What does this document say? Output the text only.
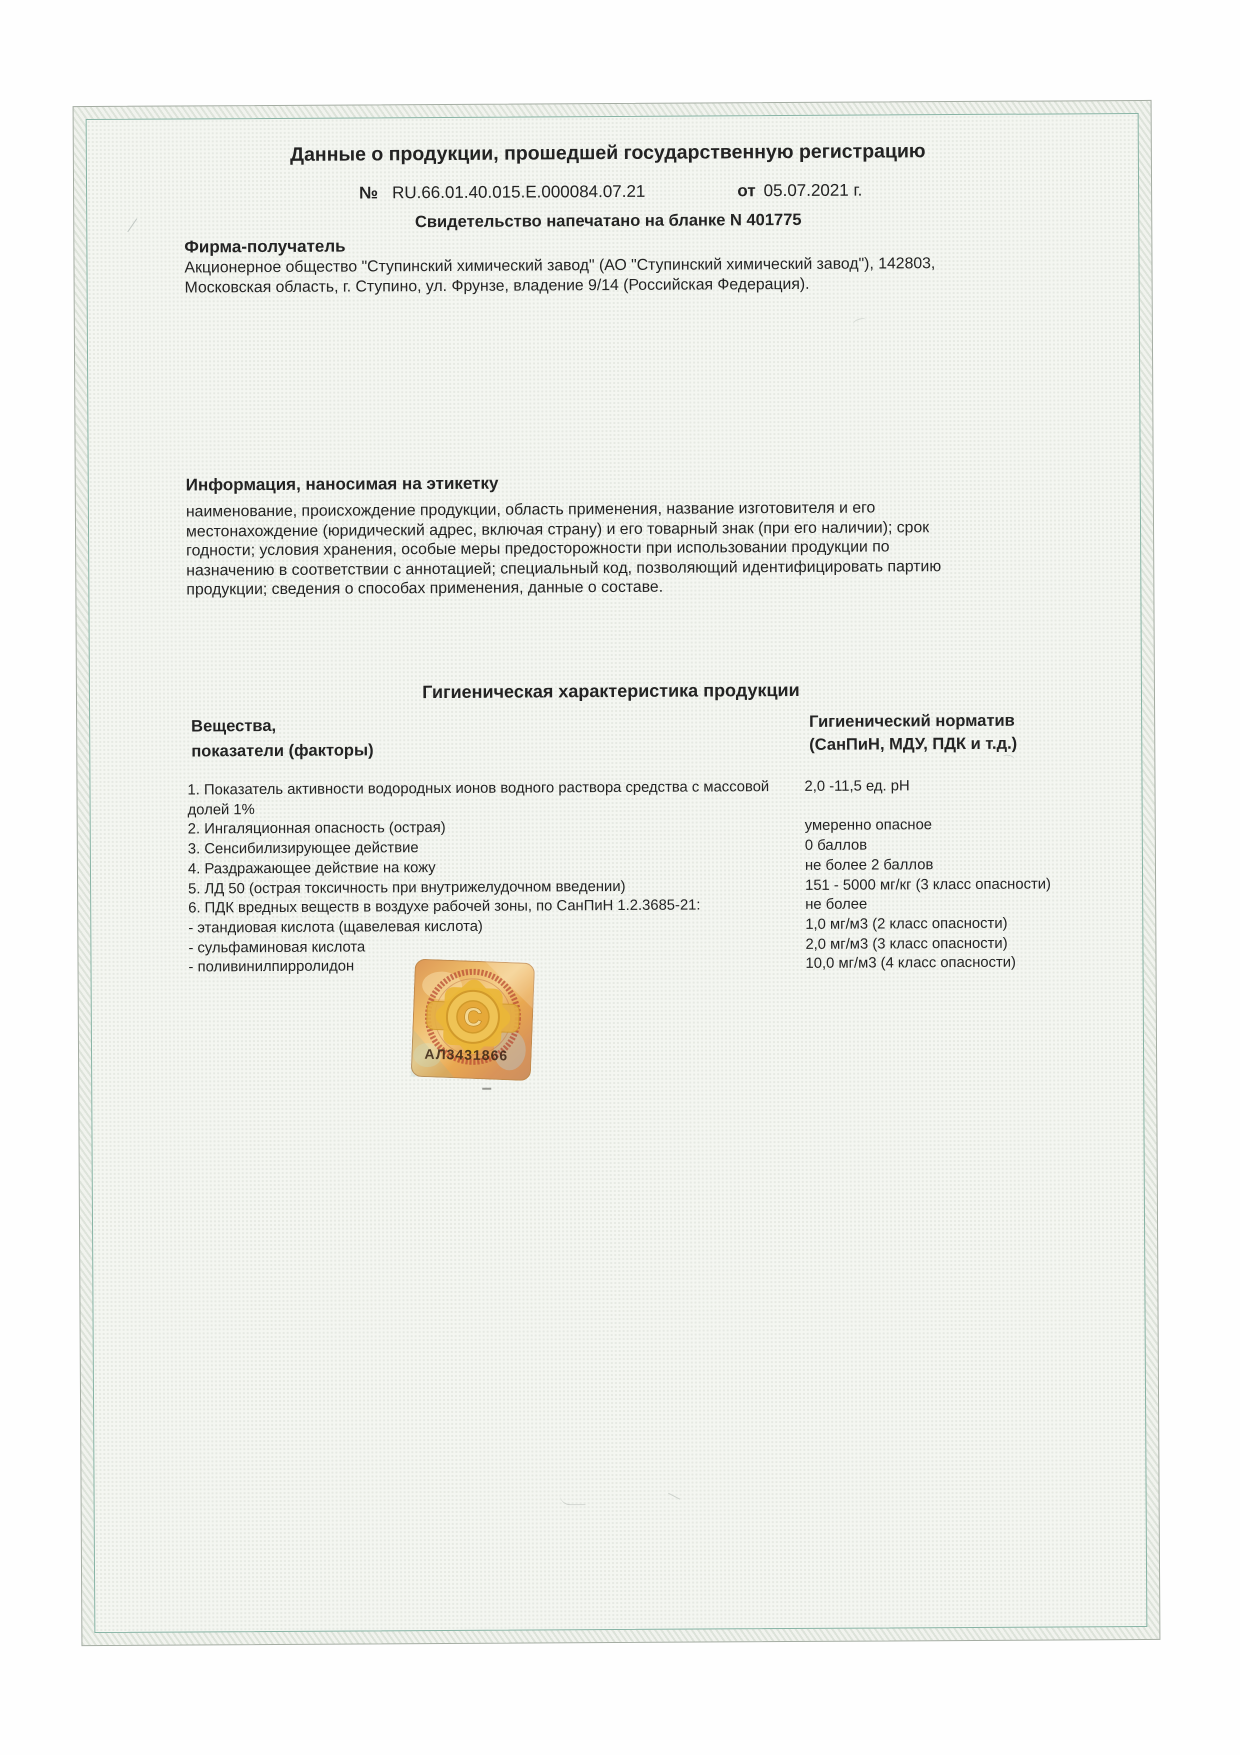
Данные о продукции, прошедшей государственную регистрацию
№ RU.66.01.40.015.E.000084.07.21	от 05.07.2021 г.
Свидетельство напечатано на бланке N 401775
Фирма-получатель
Акционерное общество "Ступинский химический завод" (АО "Ступинский химический завод"), 142803,
Московская область, г. Ступино, ул. Фрунзе, владение 9/14 (Российская Федерация).
Информация, наносимая на этикетку
наименование, происхождение продукции, область применения, название изготовителя и его
местонахождение (юридический адрес, включая страну) и его товарный знак (при его наличии); срок
годности; условия хранения, особые меры предосторожности при использовании продукции по
назначению в соответствии с аннотацией; специальный код, позволяющий идентифицировать партию
продукции; сведения о способах применения, данные о составе.
Гигиеническая характеристика продукции
Вещества,
показатели (факторы)
Гигиенический норматив
(СанПиН, МДУ, ПДК и т.д.)
1. Показатель активности водородных ионов водного раствора средства с массовой
долей 1%
2,0 -11,5 ед. рН
2. Ингаляционная опасность (острая)	умеренно опасное
3. Сенсибилизирующее действие	0 баллов
4. Раздражающее действие на кожу	не более 2 баллов
5. ЛД 50 (острая токсичность при внутрижелудочном введении)	151 - 5000 мг/кг (3 класс опасности)
6. ПДК вредных веществ в воздухе рабочей зоны, по СанПиН 1.2.3685-21:	не более
- этандиовая кислота (щавелевая кислота)	1,0 мг/м3 (2 класс опасности)
- сульфаминовая кислота	2,0 мг/м3 (3 класс опасности)
- поливинилпирролидон	10,0 мг/м3 (4 класс опасности)
С
АЛ3431866
